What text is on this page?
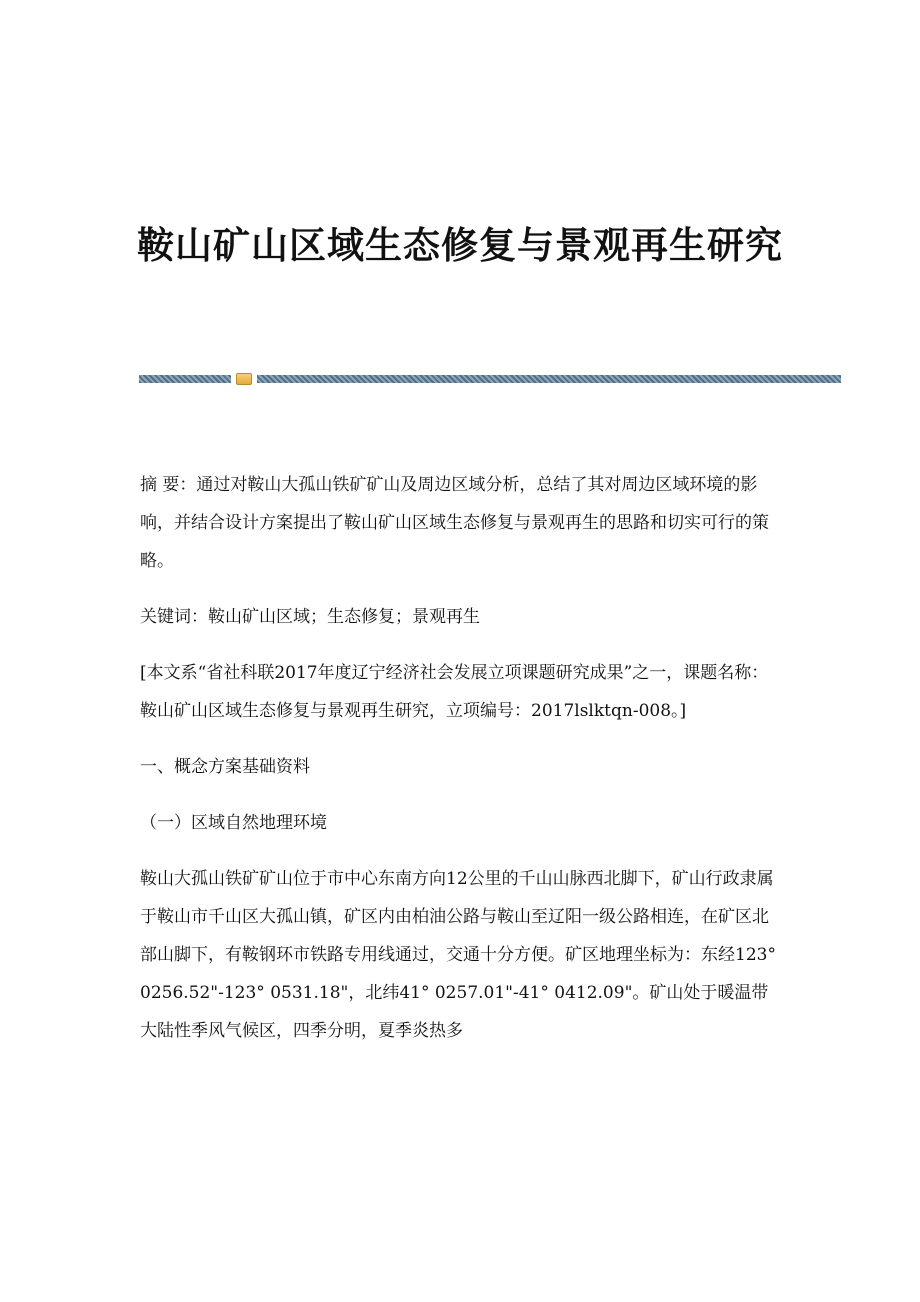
鞍山矿山区域生态修复与景观再生研究

摘 要：通过对鞍山大孤山铁矿矿山及周边区域分析，总结了其对周边区域环境的影响，并结合设计方案提出了鞍山矿山区域生态修复与景观再生的思路和切实可行的策略。

关键词：鞍山矿山区域；生态修复；景观再生

[本文系“省社科联2017年度辽宁经济社会发展立项课题研究成果”之一，课题名称：鞍山矿山区域生态修复与景观再生研究，立项编号：2017lslktqn-008。]

一、概念方案基础资料

（一）区域自然地理环境

鞍山大孤山铁矿矿山位于市中心东南方向12公里的千山山脉西北脚下，矿山行政隶属于鞍山市千山区大孤山镇，矿区内由柏油公路与鞍山至辽阳一级公路相连，在矿区北部山脚下，有鞍钢环市铁路专用线通过，交通十分方便。矿区地理坐标为：东经123° 0256.52"-123° 0531.18"，北纬41° 0257.01"-41° 0412.09"。矿山处于暖温带大陆性季风气候区，四季分明，夏季炎热多
